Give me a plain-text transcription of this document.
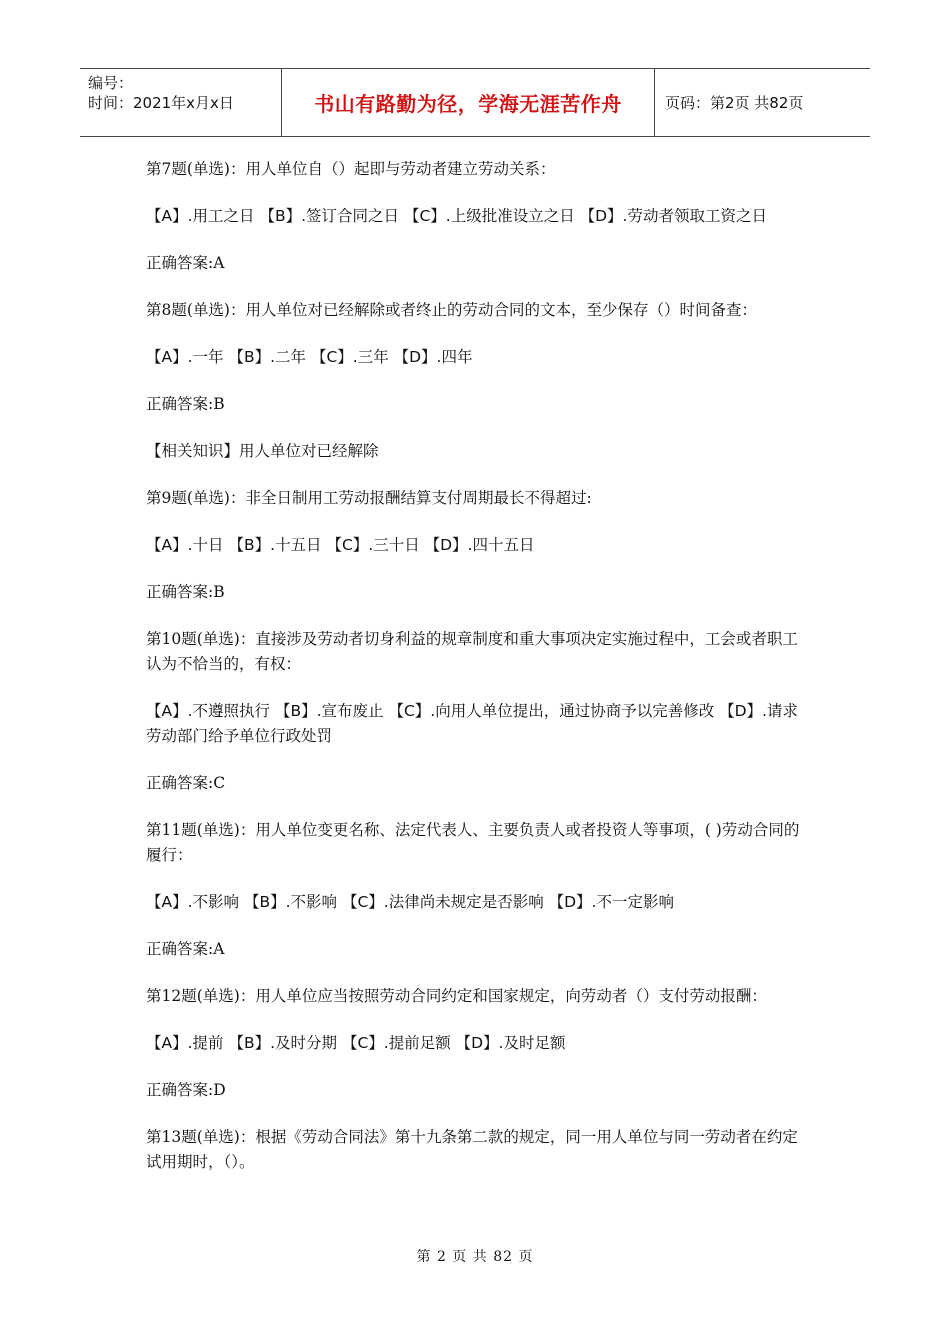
编号：
时间：2021年x月x日	书山有路勤为径，学海无涯苦作舟	页码：第2页 共82页
第7题(单选)：用人单位自（）起即与劳动者建立劳动关系：
【A】.用工之日 【B】.签订合同之日 【C】.上级批准设立之日 【D】.劳动者领取工资之日
正确答案:A
第8题(单选)：用人单位对已经解除或者终止的劳动合同的文本，至少保存（）时间备查：
【A】.一年 【B】.二年 【C】.三年 【D】.四年
正确答案:B
【相关知识】用人单位对已经解除
第9题(单选)：非全日制用工劳动报酬结算支付周期最长不得超过:
【A】.十日 【B】.十五日 【C】.三十日 【D】.四十五日
正确答案:B
第10题(单选)：直接涉及劳动者切身利益的规章制度和重大事项决定实施过程中，工会或者职工认为不恰当的，有权：
【A】.不遵照执行 【B】.宣布废止 【C】.向用人单位提出，通过协商予以完善修改 【D】.请求劳动部门给予单位行政处罚
正确答案:C
第11题(单选)：用人单位变更名称、法定代表人、主要负责人或者投资人等事项，( )劳动合同的履行：
【A】.不影响 【B】.不影响 【C】.法律尚未规定是否影响 【D】.不一定影响
正确答案:A
第12题(单选)：用人单位应当按照劳动合同约定和国家规定，向劳动者（）支付劳动报酬：
【A】.提前 【B】.及时分期 【C】.提前足额 【D】.及时足额
正确答案:D
第13题(单选)：根据《劳动合同法》第十九条第二款的规定，同一用人单位与同一劳动者在约定试用期时，（）。
第 2 页 共 82 页
